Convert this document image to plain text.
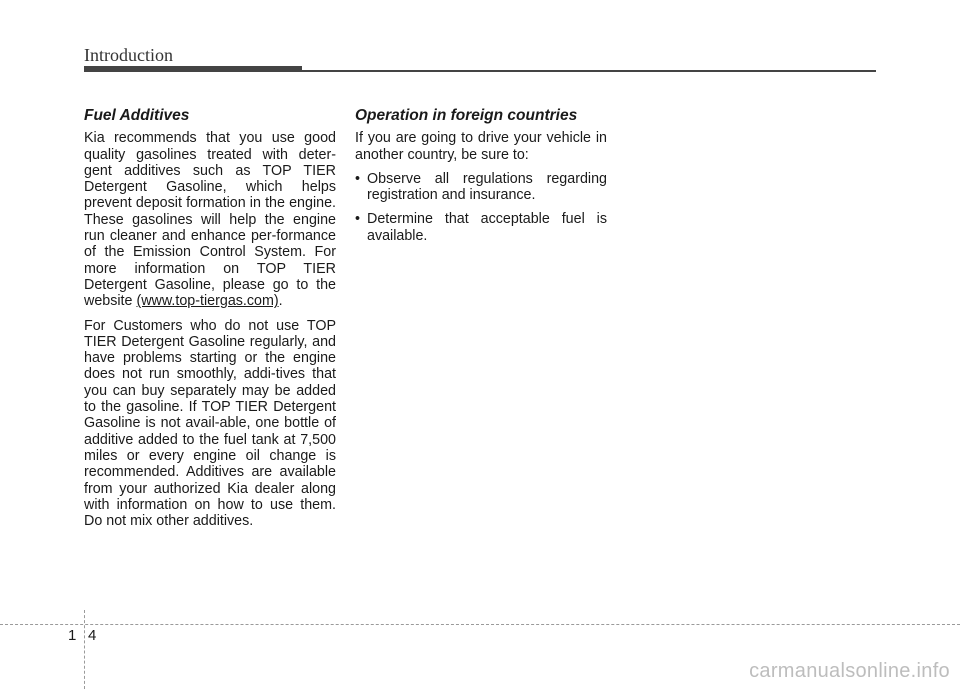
Introduction
Fuel Additives

Kia recommends that you use good quality gasolines treated with deter-gent additives such as TOP TIER Detergent Gasoline, which helps prevent deposit formation in the engine. These gasolines will help the engine run cleaner and enhance per-formance of the Emission Control System. For more information on TOP TIER Detergent Gasoline, please go to the website (www.top-tiergas.com).

For Customers who do not use TOP TIER Detergent Gasoline regularly, and have problems starting or the engine does not run smoothly, addi-tives that you can buy separately may be added to the gasoline. If TOP TIER Detergent Gasoline is not avail-able, one bottle of additive added to the fuel tank at 7,500 miles or every engine oil change is recommended. Additives are available from your authorized Kia dealer along with information on how to use them. Do not mix other additives.

Operation in foreign countries

If you are going to drive your vehicle in another country, be sure to:

• Observe all regulations regarding registration and insurance.
• Determine that acceptable fuel is available.
1 4
carmanualsonline.info
